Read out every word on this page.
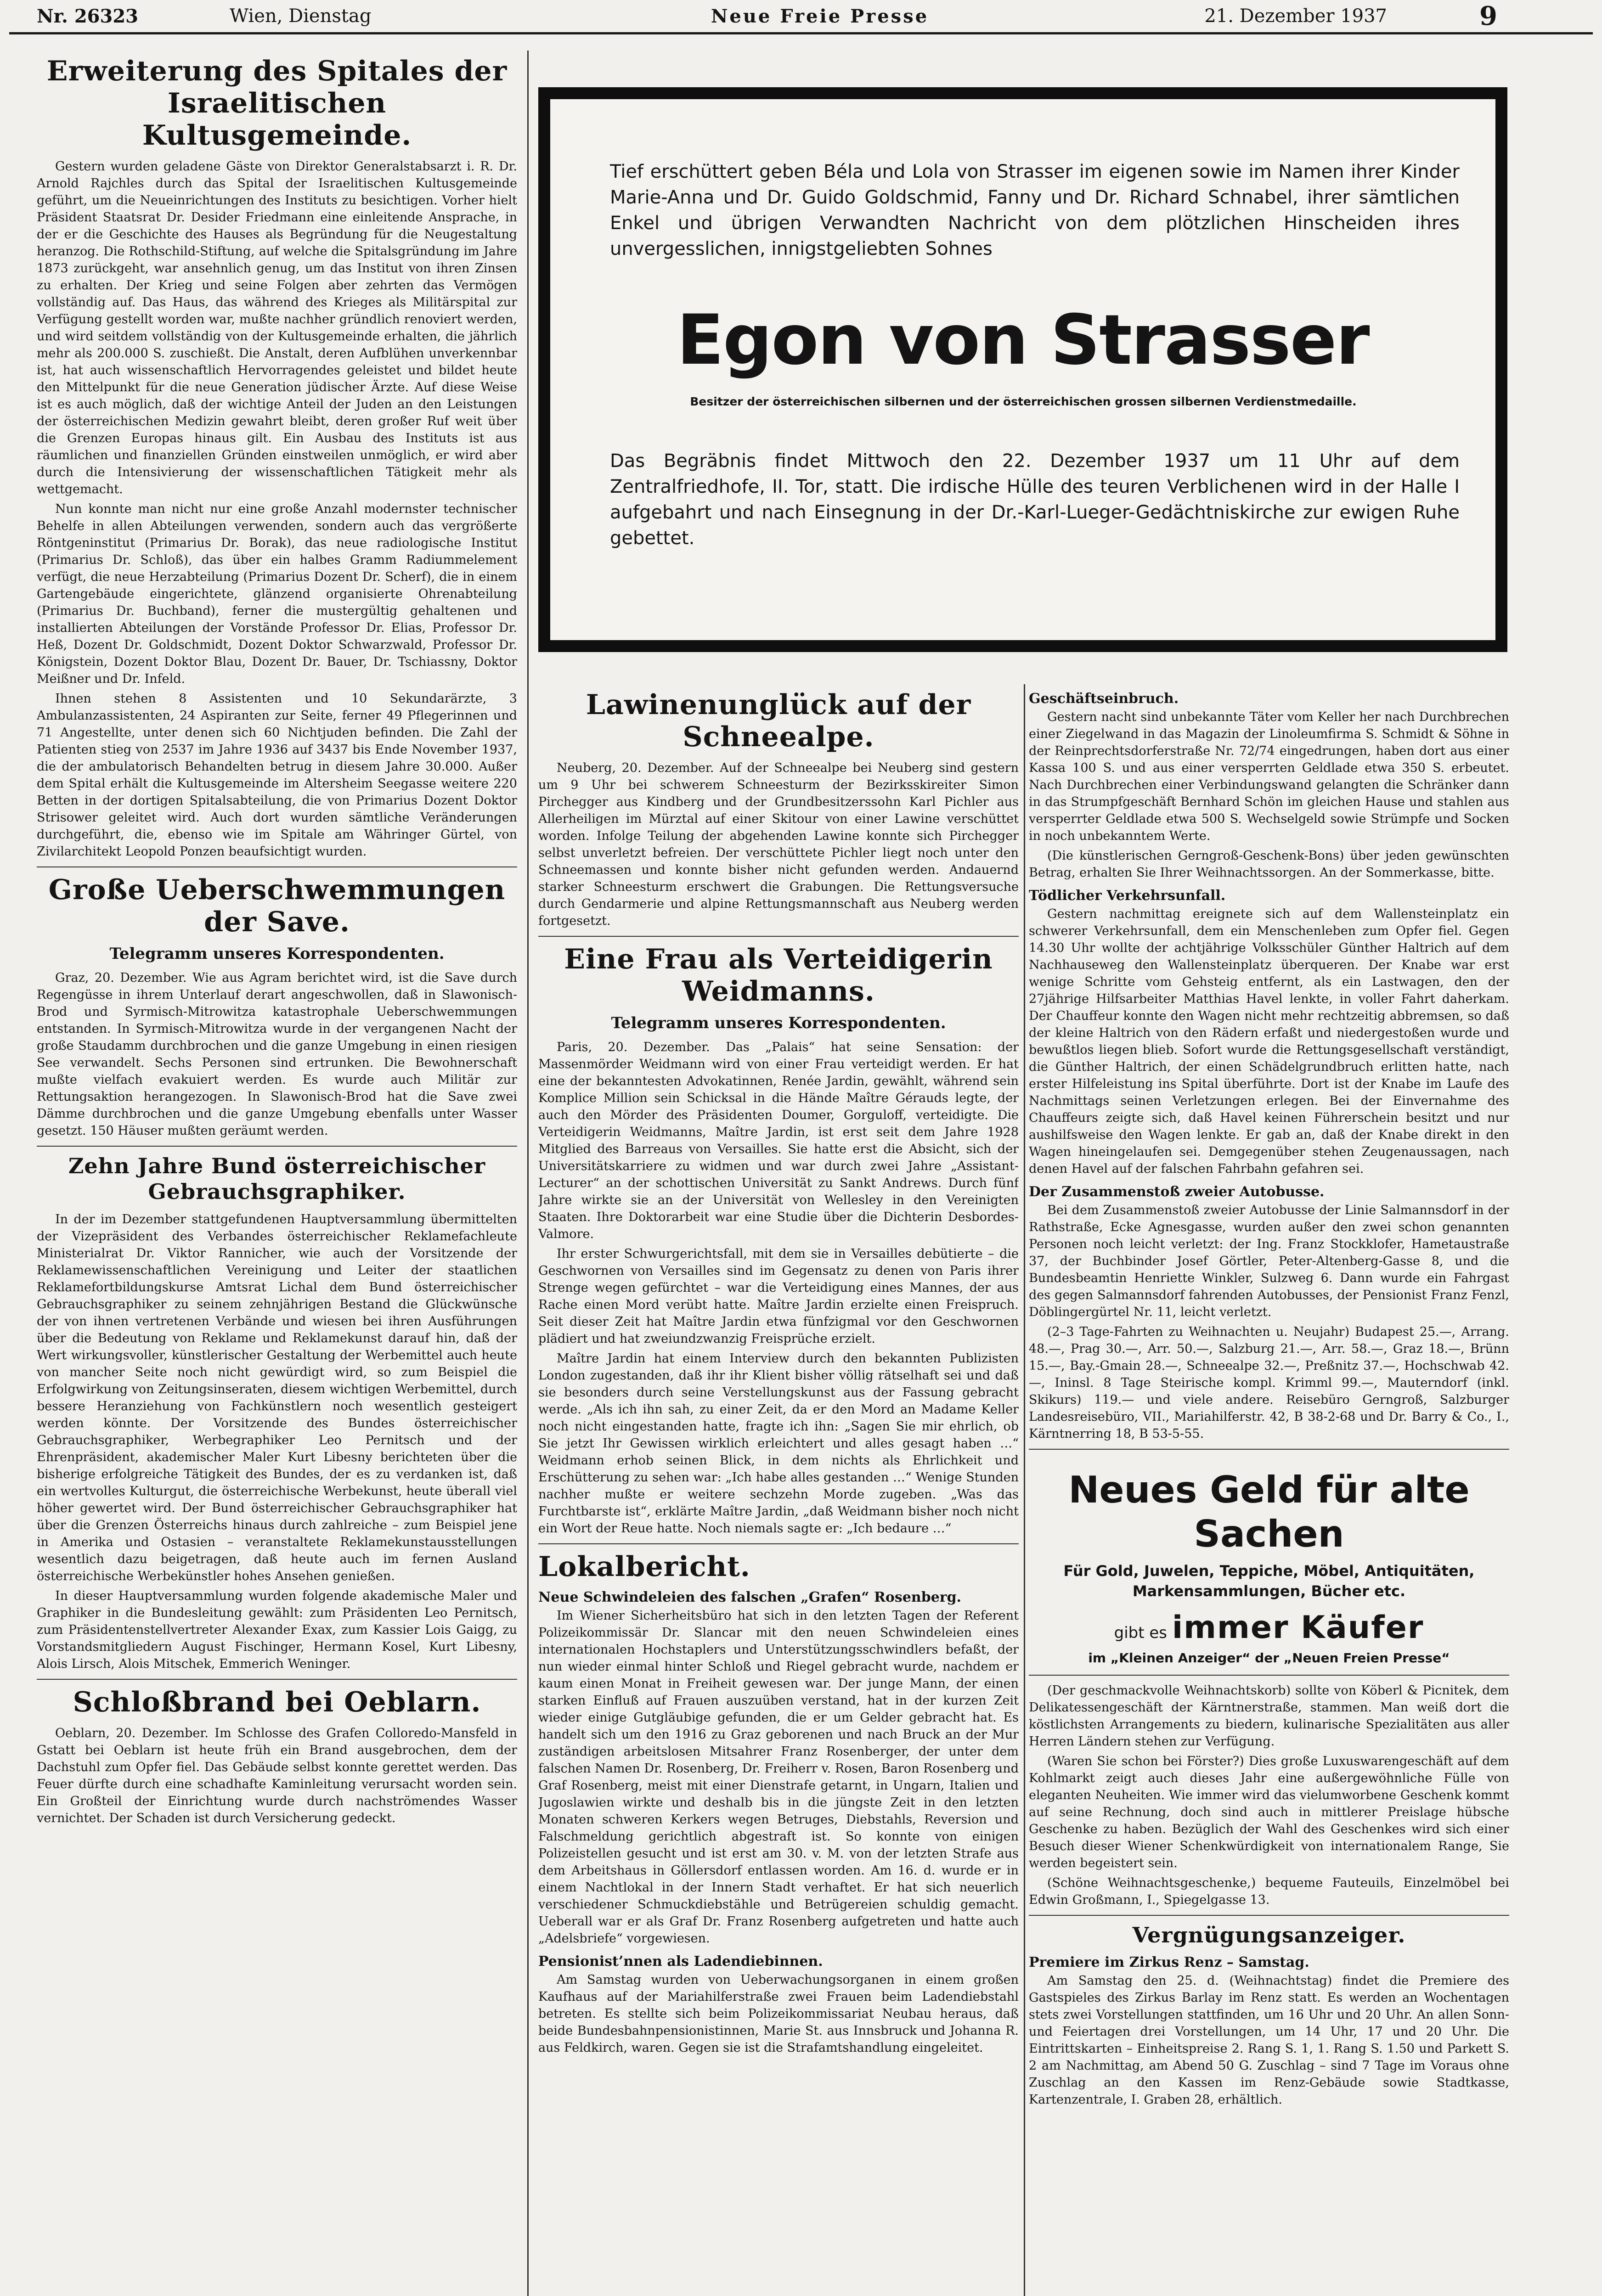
Nr. 26323	Wien, Dienstag	Neue Freie Presse	21. Dezember 1937	9
Erweiterung des Spitales der Israelitischen Kultusgemeinde.

Gestern wurden geladene Gäste von Direktor Generalstabsarzt i. R. Dr. Arnold Rajchles durch das Spital der Israelitischen Kultusgemeinde geführt, um die Neueinrichtungen des Instituts zu besichtigen. Vorher hielt Präsident Staatsrat Dr. Desider Friedmann eine einleitende Ansprache, in der er die Geschichte des Hauses als Begründung für die Neugestaltung heranzog. Die Rothschild-Stiftung, auf welche die Spitalsgründung im Jahre 1873 zurückgeht, war ansehnlich genug, um das Institut von ihren Zinsen zu erhalten. Der Krieg und seine Folgen aber zehrten das Vermögen vollständig auf. Das Haus, das während des Krieges als Militärspital zur Verfügung gestellt worden war, mußte nachher gründlich renoviert werden, und wird seitdem vollständig von der Kultusgemeinde erhalten, die jährlich mehr als 200.000 S. zuschießt. Die Anstalt, deren Aufblühen unverkennbar ist, hat auch wissenschaftlich Hervorragendes geleistet und bildet heute den Mittelpunkt für die neue Generation jüdischer Ärzte. Auf diese Weise ist es auch möglich, daß der wichtige Anteil der Juden an den Leistungen der österreichischen Medizin gewahrt bleibt, deren großer Ruf weit über die Grenzen Europas hinaus gilt. Ein Ausbau des Instituts ist aus räumlichen und finanziellen Gründen einstweilen unmöglich, er wird aber durch die Intensivierung der wissenschaftlichen Tätigkeit mehr als wettgemacht.

Nun konnte man nicht nur eine große Anzahl modernster technischer Behelfe in allen Abteilungen verwenden, sondern auch das vergrößerte Röntgeninstitut (Primarius Dr. Borak), das neue radiologische Institut (Primarius Dr. Schloß), das über ein halbes Gramm Radiummelement verfügt, die neue Herzabteilung (Primarius Dozent Dr. Scherf), die in einem Gartengebäude eingerichtete, glänzend organisierte Ohrenabteilung (Primarius Dr. Buchband), ferner die mustergültig gehaltenen und installierten Abteilungen der Vorstände Professor Dr. Elias, Professor Dr. Heß, Dozent Dr. Goldschmidt, Dozent Doktor Schwarzwald, Professor Dr. Königstein, Dozent Doktor Blau, Dozent Dr. Bauer, Dr. Tschiassny, Doktor Meißner und Dr. Infeld.

Ihnen stehen 8 Assistenten und 10 Sekundarärzte, 3 Ambulanzassistenten, 24 Aspiranten zur Seite, ferner 49 Pflegerinnen und 71 Angestellte, unter denen sich 60 Nichtjuden befinden. Die Zahl der Patienten stieg von 2537 im Jahre 1936 auf 3437 bis Ende November 1937, die der ambulatorisch Behandelten betrug in diesem Jahre 30.000. Außer dem Spital erhält die Kultusgemeinde im Altersheim Seegasse weitere 220 Betten in der dortigen Spitalsabteilung, die von Primarius Dozent Doktor Strisower geleitet wird. Auch dort wurden sämtliche Veränderungen durchgeführt, die, ebenso wie im Spitale am Währinger Gürtel, von Zivilarchitekt Leopold Ponzen beaufsichtigt wurden.

Große Ueberschwemmungen der Save.
Telegramm unseres Korrespondenten.

Graz, 20. Dezember. Wie aus Agram berichtet wird, ist die Save durch Regengüsse in ihrem Unterlauf derart angeschwollen, daß in Slawonisch-Brod und Syrmisch-Mitrowitza katastrophale Ueberschwemmungen entstanden. In Syrmisch-Mitrowitza wurde in der vergangenen Nacht der große Staudamm durchbrochen und die ganze Umgebung in einen riesigen See verwandelt. Sechs Personen sind ertrunken. Die Bewohnerschaft mußte vielfach evakuiert werden. Es wurde auch Militär zur Rettungsaktion herangezogen. In Slawonisch-Brod hat die Save zwei Dämme durchbrochen und die ganze Umgebung ebenfalls unter Wasser gesetzt. 150 Häuser mußten geräumt werden.

Zehn Jahre Bund österreichischer Gebrauchsgraphiker.

In der im Dezember stattgefundenen Hauptversammlung übermittelten der Vizepräsident des Verbandes österreichischer Reklamefachleute Ministerialrat Dr. Viktor Rannicher, wie auch der Vorsitzende der Reklamewissenschaftlichen Vereinigung und Leiter der staatlichen Reklamefortbildungskurse Amtsrat Lichal dem Bund österreichischer Gebrauchsgraphiker zu seinem zehnjährigen Bestand die Glückwünsche der von ihnen vertretenen Verbände und wiesen bei ihren Ausführungen über die Bedeutung von Reklame und Reklamekunst darauf hin, daß der Wert wirkungsvoller, künstlerischer Gestaltung der Werbemittel auch heute von mancher Seite noch nicht gewürdigt wird, so zum Beispiel die Erfolgwirkung von Zeitungsinseraten, diesem wichtigen Werbemittel, durch bessere Heranziehung von Fachkünstlern noch wesentlich gesteigert werden könnte. Der Vorsitzende des Bundes österreichischer Gebrauchsgraphiker, Werbegraphiker Leo Pernitsch und der Ehrenpräsident, akademischer Maler Kurt Libesny berichteten über die bisherige erfolgreiche Tätigkeit des Bundes, der es zu verdanken ist, daß ein wertvolles Kulturgut, die österreichische Werbekunst, heute überall viel höher gewertet wird. Der Bund österreichischer Gebrauchsgraphiker hat über die Grenzen Österreichs hinaus durch zahlreiche – zum Beispiel jene in Amerika und Ostasien – veranstaltete Reklamekunstausstellungen wesentlich dazu beigetragen, daß heute auch im fernen Ausland österreichische Werbekünstler hohes Ansehen genießen.

In dieser Hauptversammlung wurden folgende akademische Maler und Graphiker in die Bundesleitung gewählt: zum Präsidenten Leo Pernitsch, zum Präsidentenstellvertreter Alexander Exax, zum Kassier Lois Gaigg, zu Vorstandsmitgliedern August Fischinger, Hermann Kosel, Kurt Libesny, Alois Lirsch, Alois Mitschek, Emmerich Weninger.

Schloßbrand bei Oeblarn.

Oeblarn, 20. Dezember. Im Schlosse des Grafen Colloredo-Mansfeld in Gstatt bei Oeblarn ist heute früh ein Brand ausgebrochen, dem der Dachstuhl zum Opfer fiel. Das Gebäude selbst konnte gerettet werden. Das Feuer dürfte durch eine schadhafte Kaminleitung verursacht worden sein. Ein Großteil der Einrichtung wurde durch nachströmendes Wasser vernichtet. Der Schaden ist durch Versicherung gedeckt.

Tief erschüttert geben Béla und Lola von Strasser im eigenen sowie im Namen ihrer Kinder Marie-Anna und Dr. Guido Goldschmid, Fanny und Dr. Richard Schnabel, ihrer sämtlichen Enkel und übrigen Verwandten Nachricht von dem plötzlichen Hinscheiden ihres unvergesslichen, innigstgeliebten Sohnes
Egon von Strasser
Besitzer der österreichischen silbernen und der österreichischen grossen silbernen Verdienstmedaille.
Das Begräbnis findet Mittwoch den 22. Dezember 1937 um 11 Uhr auf dem Zentralfriedhofe, II. Tor, statt. Die irdische Hülle des teuren Verblichenen wird in der Halle I aufgebahrt und nach Einsegnung in der Dr.-Karl-Lueger-Gedächtniskirche zur ewigen Ruhe gebettet.
Lawinenunglück auf der Schneealpe.

Neuberg, 20. Dezember. Auf der Schneealpe bei Neuberg sind gestern um 9 Uhr bei schwerem Schneesturm der Bezirksskireiter Simon Pirchegger aus Kindberg und der Grundbesitzerssohn Karl Pichler aus Allerheiligen im Mürztal auf einer Skitour von einer Lawine verschüttet worden. Infolge Teilung der abgehenden Lawine konnte sich Pirchegger selbst unverletzt befreien. Der verschüttete Pichler liegt noch unter den Schneemassen und konnte bisher nicht gefunden werden. Andauernd starker Schneesturm erschwert die Grabungen. Die Rettungsversuche durch Gendarmerie und alpine Rettungsmannschaft aus Neuberg werden fortgesetzt.

Eine Frau als Verteidigerin Weidmanns.
Telegramm unseres Korrespondenten.

Paris, 20. Dezember. Das „Palais“ hat seine Sensation: der Massenmörder Weidmann wird von einer Frau verteidigt werden. Er hat eine der bekanntesten Advokatinnen, Renée Jardin, gewählt, während sein Komplice Million sein Schicksal in die Hände Maître Gérauds legte, der auch den Mörder des Präsidenten Doumer, Gorguloff, verteidigte. Die Verteidigerin Weidmanns, Maître Jardin, ist erst seit dem Jahre 1928 Mitglied des Barreaus von Versailles. Sie hatte erst die Absicht, sich der Universitätskarriere zu widmen und war durch zwei Jahre „Assistant-Lecturer“ an der schottischen Universität zu Sankt Andrews. Durch fünf Jahre wirkte sie an der Universität von Wellesley in den Vereinigten Staaten. Ihre Doktorarbeit war eine Studie über die Dichterin Desbordes-Valmore.

Ihr erster Schwurgerichtsfall, mit dem sie in Versailles debütierte – die Geschwornen von Versailles sind im Gegensatz zu denen von Paris ihrer Strenge wegen gefürchtet – war die Verteidigung eines Mannes, der aus Rache einen Mord verübt hatte. Maître Jardin erzielte einen Freispruch. Seit dieser Zeit hat Maître Jardin etwa fünfzigmal vor den Geschwornen plädiert und hat zweiundzwanzig Freisprüche erzielt.

Maître Jardin hat einem Interview durch den bekannten Publizisten London zugestanden, daß ihr ihr Klient bisher völlig rätselhaft sei und daß sie besonders durch seine Verstellungskunst aus der Fassung gebracht werde. „Als ich ihn sah, zu einer Zeit, da er den Mord an Madame Keller noch nicht eingestanden hatte, fragte ich ihn: „Sagen Sie mir ehrlich, ob Sie jetzt Ihr Gewissen wirklich erleichtert und alles gesagt haben …“ Weidmann erhob seinen Blick, in dem nichts als Ehrlichkeit und Erschütterung zu sehen war: „Ich habe alles gestanden …“ Wenige Stunden nachher mußte er weitere sechzehn Morde zugeben. „Was das Furchtbarste ist“, erklärte Maître Jardin, „daß Weidmann bisher noch nicht ein Wort der Reue hatte. Noch niemals sagte er: „Ich bedaure …“

Lokalbericht.
Neue Schwindeleien des falschen „Grafen“ Rosenberg.

Im Wiener Sicherheitsbüro hat sich in den letzten Tagen der Referent Polizeikommissär Dr. Slancar mit den neuen Schwindeleien eines internationalen Hochstaplers und Unterstützungsschwindlers befaßt, der nun wieder einmal hinter Schloß und Riegel gebracht wurde, nachdem er kaum einen Monat in Freiheit gewesen war. Der junge Mann, der einen starken Einfluß auf Frauen auszuüben verstand, hat in der kurzen Zeit wieder einige Gutgläubige gefunden, die er um Gelder gebracht hat. Es handelt sich um den 1916 zu Graz geborenen und nach Bruck an der Mur zuständigen arbeitslosen Mitsahrer Franz Rosenberger, der unter dem falschen Namen Dr. Rosenberg, Dr. Freiherr v. Rosen, Baron Rosenberg und Graf Rosenberg, meist mit einer Dienstrafe getarnt, in Ungarn, Italien und Jugoslawien wirkte und deshalb bis in die jüngste Zeit in den letzten Monaten schweren Kerkers wegen Betruges, Diebstahls, Reversion und Falschmeldung gerichtlich abgestraft ist. So konnte von einigen Polizeistellen gesucht und ist erst am 30. v. M. von der letzten Strafe aus dem Arbeitshaus in Göllersdorf entlassen worden. Am 16. d. wurde er in einem Nachtlokal in der Innern Stadt verhaftet. Er hat sich neuerlich verschiedener Schmuckdiebstähle und Betrügereien schuldig gemacht. Ueberall war er als Graf Dr. Franz Rosenberg aufgetreten und hatte auch „Adelsbriefe“ vorgewiesen.

Pensionist’nnen als Ladendiebinnen.

Am Samstag wurden von Ueberwachungsorganen in einem großen Kaufhaus auf der Mariahilferstraße zwei Frauen beim Ladendiebstahl betreten. Es stellte sich beim Polizeikommissariat Neubau heraus, daß beide Bundesbahnpensionistinnen, Marie St. aus Innsbruck und Johanna R. aus Feldkirch, waren. Gegen sie ist die Strafamtshandlung eingeleitet.

Geschäftseinbruch.

Gestern nacht sind unbekannte Täter vom Keller her nach Durchbrechen einer Ziegelwand in das Magazin der Linoleumfirma S. Schmidt & Söhne in der Reinprechtsdorferstraße Nr. 72/74 eingedrungen, haben dort aus einer Kassa 100 S. und aus einer versperrten Geldlade etwa 350 S. erbeutet. Nach Durchbrechen einer Verbindungswand gelangten die Schränker dann in das Strumpfgeschäft Bernhard Schön im gleichen Hause und stahlen aus versperrter Geldlade etwa 500 S. Wechselgeld sowie Strümpfe und Socken in noch unbekanntem Werte.

(Die künstlerischen Gerngroß-Geschenk-Bons) über jeden gewünschten Betrag, erhalten Sie Ihrer Weihnachtssorgen. An der Sommerkasse, bitte.

Tödlicher Verkehrsunfall.

Gestern nachmittag ereignete sich auf dem Wallensteinplatz ein schwerer Verkehrsunfall, dem ein Menschenleben zum Opfer fiel. Gegen 14.30 Uhr wollte der achtjährige Volksschüler Günther Haltrich auf dem Nachhauseweg den Wallensteinplatz überqueren. Der Knabe war erst wenige Schritte vom Gehsteig entfernt, als ein Lastwagen, den der 27jährige Hilfsarbeiter Matthias Havel lenkte, in voller Fahrt daherkam. Der Chauffeur konnte den Wagen nicht mehr rechtzeitig abbremsen, so daß der kleine Haltrich von den Rädern erfaßt und niedergestoßen wurde und bewußtlos liegen blieb. Sofort wurde die Rettungsgesellschaft verständigt, die Günther Haltrich, der einen Schädelgrundbruch erlitten hatte, nach erster Hilfeleistung ins Spital überführte. Dort ist der Knabe im Laufe des Nachmittags seinen Verletzungen erlegen. Bei der Einvernahme des Chauffeurs zeigte sich, daß Havel keinen Führerschein besitzt und nur aushilfsweise den Wagen lenkte. Er gab an, daß der Knabe direkt in den Wagen hineingelaufen sei. Demgegenüber stehen Zeugenaussagen, nach denen Havel auf der falschen Fahrbahn gefahren sei.

Der Zusammenstoß zweier Autobusse.

Bei dem Zusammenstoß zweier Autobusse der Linie Salmannsdorf in der Rathstraße, Ecke Agnesgasse, wurden außer den zwei schon genannten Personen noch leicht verletzt: der Ing. Franz Stockklofer, Hametaustraße 37, der Buchbinder Josef Görtler, Peter-Altenberg-Gasse 8, und die Bundesbeamtin Henriette Winkler, Sulzweg 6. Dann wurde ein Fahrgast des gegen Salmannsdorf fahrenden Autobusses, der Pensionist Franz Fenzl, Döblingergürtel Nr. 11, leicht verletzt.

(2–3 Tage-Fahrten zu Weihnachten u. Neujahr) Budapest 25.—, Arrang. 48.—, Prag 30.—, Arr. 50.—, Salzburg 21.—, Arr. 58.—, Graz 18.—, Brünn 15.—, Bay.-Gmain 28.—, Schneealpe 32.—, Preßnitz 37.—, Hochschwab 42.—, Ininsl. 8 Tage Steirische kompl. Krimml 99.—, Mauterndorf (inkl. Skikurs) 119.— und viele andere. Reisebüro Gerngroß, Salzburger Landesreisebüro, VII., Mariahilferstr. 42, B 38-2-68 und Dr. Barry & Co., I., Kärntnerring 18, B 53-5-55.

Neues Geld für alte Sachen
Für Gold, Juwelen, Teppiche, Möbel, Antiquitäten, Markensammlungen, Bücher etc.
gibt es immer Käufer
im „Kleinen Anzeiger“ der „Neuen Freien Presse“

(Der geschmackvolle Weihnachtskorb) sollte von Köberl & Picnitek, dem Delikatessengeschäft der Kärntnerstraße, stammen. Man weiß dort die köstlichsten Arrangements zu biedern, kulinarische Spezialitäten aus aller Herren Ländern stehen zur Verfügung.

(Waren Sie schon bei Förster?) Dies große Luxuswarengeschäft auf dem Kohlmarkt zeigt auch dieses Jahr eine außergewöhnliche Fülle von eleganten Neuheiten. Wie immer wird das vielumworbene Geschenk kommt auf seine Rechnung, doch sind auch in mittlerer Preislage hübsche Geschenke zu haben. Bezüglich der Wahl des Geschenkes wird sich einer Besuch dieser Wiener Schenkwürdigkeit von internationalem Range, Sie werden begeistert sein.

(Schöne Weihnachtsgeschenke,) bequeme Fauteuils, Einzelmöbel bei Edwin Großmann, I., Spiegelgasse 13.

Vergnügungsanzeiger.
Premiere im Zirkus Renz – Samstag.

Am Samstag den 25. d. (Weihnachtstag) findet die Premiere des Gastspieles des Zirkus Barlay im Renz statt. Es werden an Wochentagen stets zwei Vorstellungen stattfinden, um 16 Uhr und 20 Uhr. An allen Sonn- und Feiertagen drei Vorstellungen, um 14 Uhr, 17 und 20 Uhr. Die Eintrittskarten – Einheitspreise 2. Rang S. 1, 1. Rang S. 1.50 und Parkett S. 2 am Nachmittag, am Abend 50 G. Zuschlag – sind 7 Tage im Voraus ohne Zuschlag an den Kassen im Renz-Gebäude sowie Stadtkasse, Kartenzentrale, I. Graben 28, erhältlich.
